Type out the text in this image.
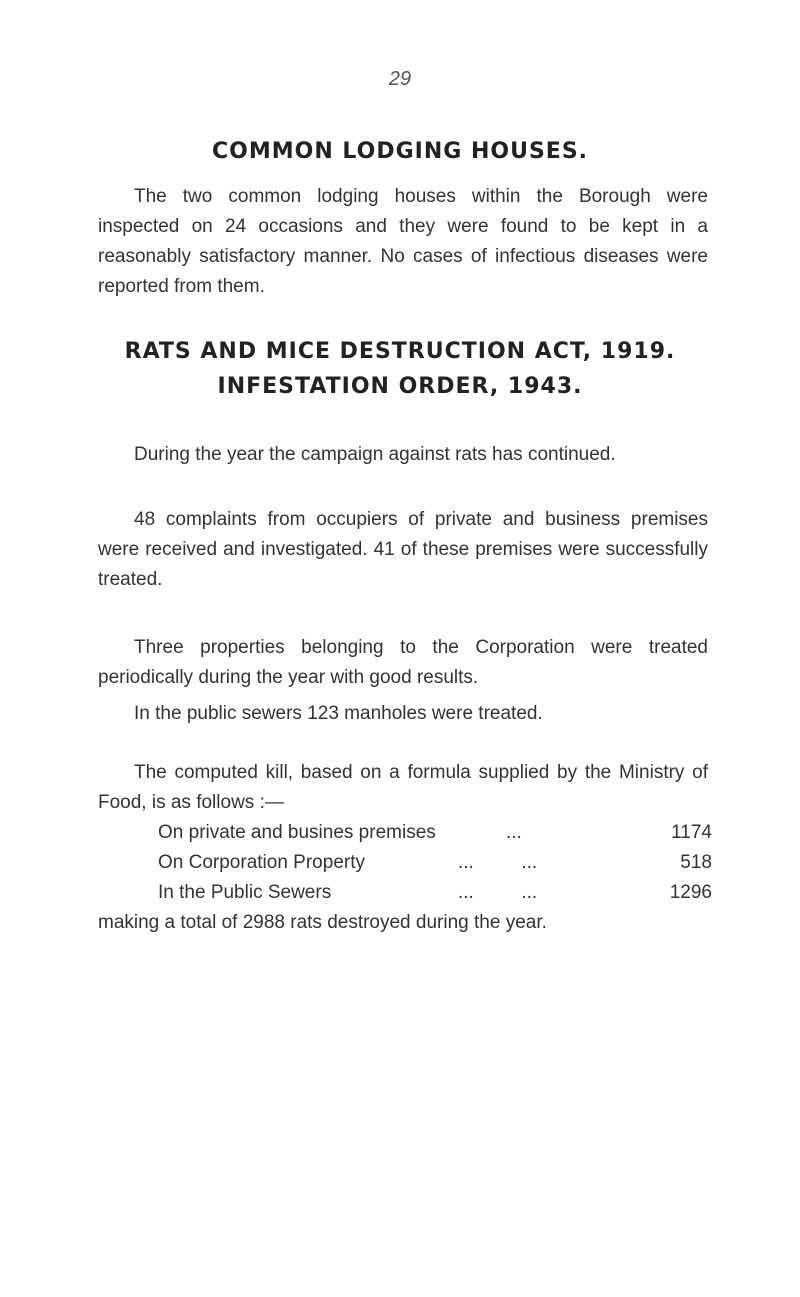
29
COMMON LODGING HOUSES.
The two common lodging houses within the Borough were inspected on 24 occasions and they were found to be kept in a reasonably satisfactory manner. No cases of infectious diseases were reported from them.
RATS AND MICE DESTRUCTION ACT, 1919.
INFESTATION ORDER, 1943.
During the year the campaign against rats has continued.
48 complaints from occupiers of private and business premises were received and investigated. 41 of these premises were successfully treated.
Three properties belonging to the Corporation were treated periodically during the year with good results.
In the public sewers 123 manholes were treated.
The computed kill, based on a formula supplied by the Ministry of Food, is as follows :—
On private and busines premises	...	1174
On Corporation Property	...         ...	518
In the Public Sewers	...         ...	1296
making a total of 2988 rats destroyed during the year.
